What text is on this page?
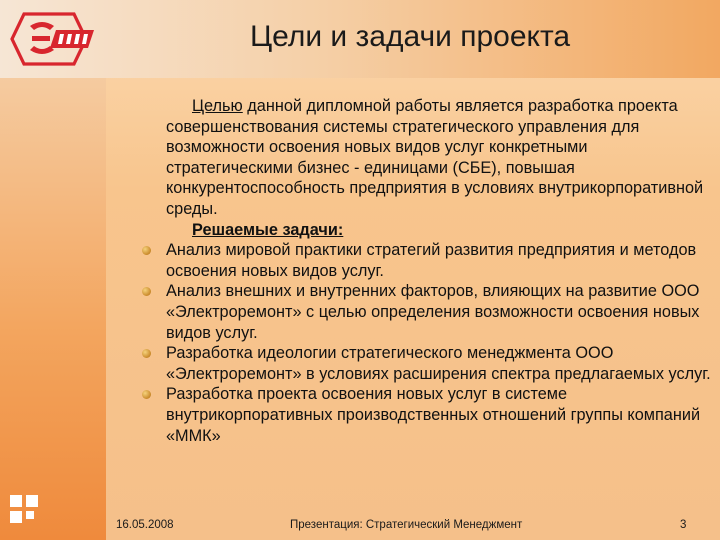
Цели и задачи проекта

Целью данной дипломной работы является разработка проекта совершенствования системы стратегического управления для возможности освоения новых видов услуг конкретными стратегическими бизнес - единицами (СБЕ), повышая конкурентоспособность предприятия в условиях внутрикорпоративной среды.

Решаемые задачи:

Анализ мировой практики стратегий развития предприятия и методов освоения новых видов услуг.

Анализ внешних и внутренних факторов, влияющих на развитие ООО «Электроремонт» с целью определения возможности освоения новых видов услуг.

Разработка идеологии стратегического менеджмента ООО «Электроремонт» в условиях расширения спектра предлагаемых услуг.

Разработка проекта освоения новых услуг в системе внутрикорпоративных производственных отношений группы компаний «ММК»

16.05.2008	Презентация: Стратегический Менеджмент	3
